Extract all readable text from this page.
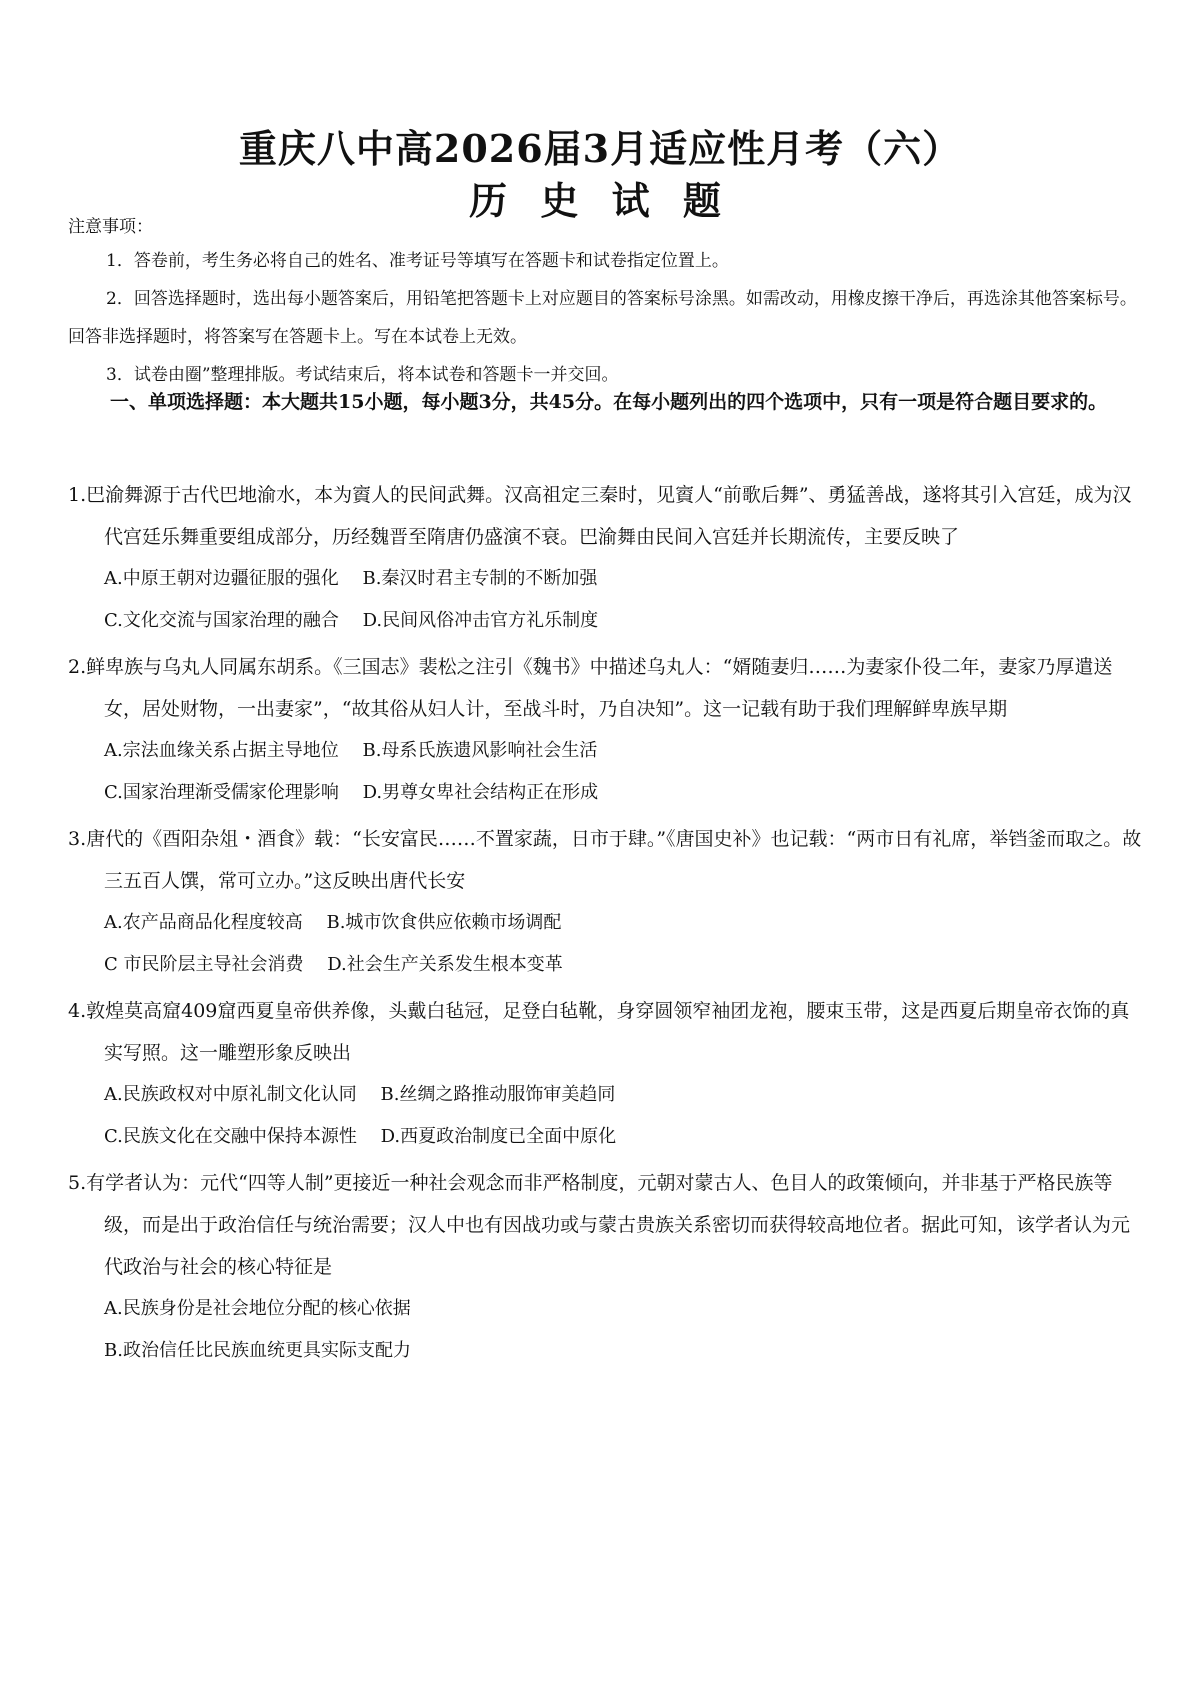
重庆八中高2026届3月适应性月考（六）
历 史 试 题
注意事项：
1．答卷前，考生务必将自己的姓名、准考证号等填写在答题卡和试卷指定位置上。
2．回答选择题时，选出每小题答案后，用铅笔把答题卡上对应题目的答案标号涂黑。如需改动，用橡皮擦干净后，再选涂其他答案标号。回答非选择题时，将答案写在答题卡上。写在本试卷上无效。
3．试卷由圈”整理排版。考试结束后，将本试卷和答题卡一并交回。
一、单项选择题：本大题共15小题，每小题3分，共45分。在每小题列出的四个选项中，只有一项是符合题目要求的。
1.巴渝舞源于古代巴地渝水，本为賨人的民间武舞。汉高祖定三秦时，见賨人“前歌后舞”、勇猛善战，遂将其引入宫廷，成为汉代宫廷乐舞重要组成部分，历经魏晋至隋唐仍盛演不衰。巴渝舞由民间入宫廷并长期流传，主要反映了
A.中原王朝对边疆征服的强化 B.秦汉时君主专制的不断加强
C.文化交流与国家治理的融合 D.民间风俗冲击官方礼乐制度
2.鲜卑族与乌丸人同属东胡系。《三国志》裴松之注引《魏书》中描述乌丸人：“婿随妻归……为妻家仆役二年，妻家乃厚遣送女，居处财物，一出妻家”，“故其俗从妇人计，至战斗时，乃自决知”。这一记载有助于我们理解鲜卑族早期
A.宗法血缘关系占据主导地位 B.母系氏族遗风影响社会生活
C.国家治理渐受儒家伦理影响 D.男尊女卑社会结构正在形成
3.唐代的《酉阳杂俎・酒食》载：“长安富民……不置家蔬，日市于肆。”《唐国史补》也记载：“两市日有礼席，举铛釜而取之。故三五百人馔，常可立办。”这反映出唐代长安
A.农产品商品化程度较高 B.城市饮食供应依赖市场调配
C 市民阶层主导社会消费 D.社会生产关系发生根本变革
4.敦煌莫高窟409窟西夏皇帝供养像，头戴白毡冠，足登白毡靴，身穿圆领窄袖团龙袍，腰束玉带，这是西夏后期皇帝衣饰的真实写照。这一雕塑形象反映出
A.民族政权对中原礼制文化认同 B.丝绸之路推动服饰审美趋同
C.民族文化在交融中保持本源性 D.西夏政治制度已全面中原化
5.有学者认为：元代“四等人制”更接近一种社会观念而非严格制度，元朝对蒙古人、色目人的政策倾向，并非基于严格民族等级，而是出于政治信任与统治需要；汉人中也有因战功或与蒙古贵族关系密切而获得较高地位者。据此可知，该学者认为元代政治与社会的核心特征是
A.民族身份是社会地位分配的核心依据
B.政治信任比民族血统更具实际支配力
